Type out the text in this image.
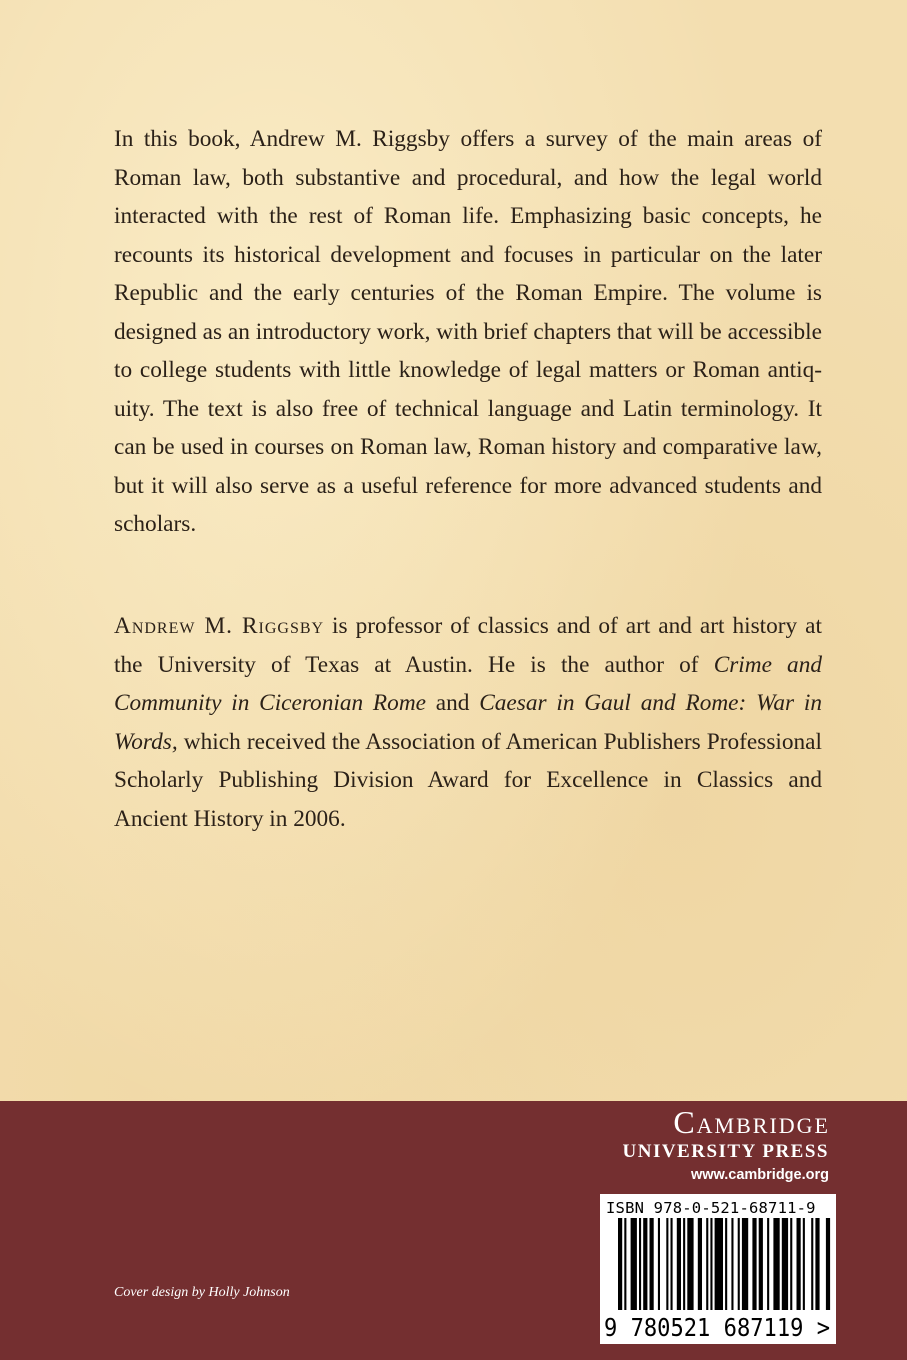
In this book, Andrew M. Riggsby offers a survey of the main areas of Roman law, both substantive and procedural, and how the legal world interacted with the rest of Roman life. Emphasizing basic concepts, he recounts its historical development and focuses in particular on the later Republic and the early centuries of the Roman Empire. The volume is designed as an introductory work, with brief chapters that will be accessible to college students with little knowledge of legal matters or Roman antiquity. The text is also free of technical language and Latin terminology. It can be used in courses on Roman law, Roman history and comparative law, but it will also serve as a useful reference for more advanced students and scholars.

Andrew M. Riggsby is professor of classics and of art and art history at the University of Texas at Austin. He is the author of Crime and Community in Ciceronian Rome and Caesar in Gaul and Rome: War in Words, which received the Association of American Publishers Professional Scholarly Publishing Division Award for Excellence in Classics and Ancient History in 2006.

Cambridge

UNIVERSITY PRESS

www.cambridge.org

ISBN 978-0-521-68711-9

9 780521 687119 >

Cover design by Holly Johnson
